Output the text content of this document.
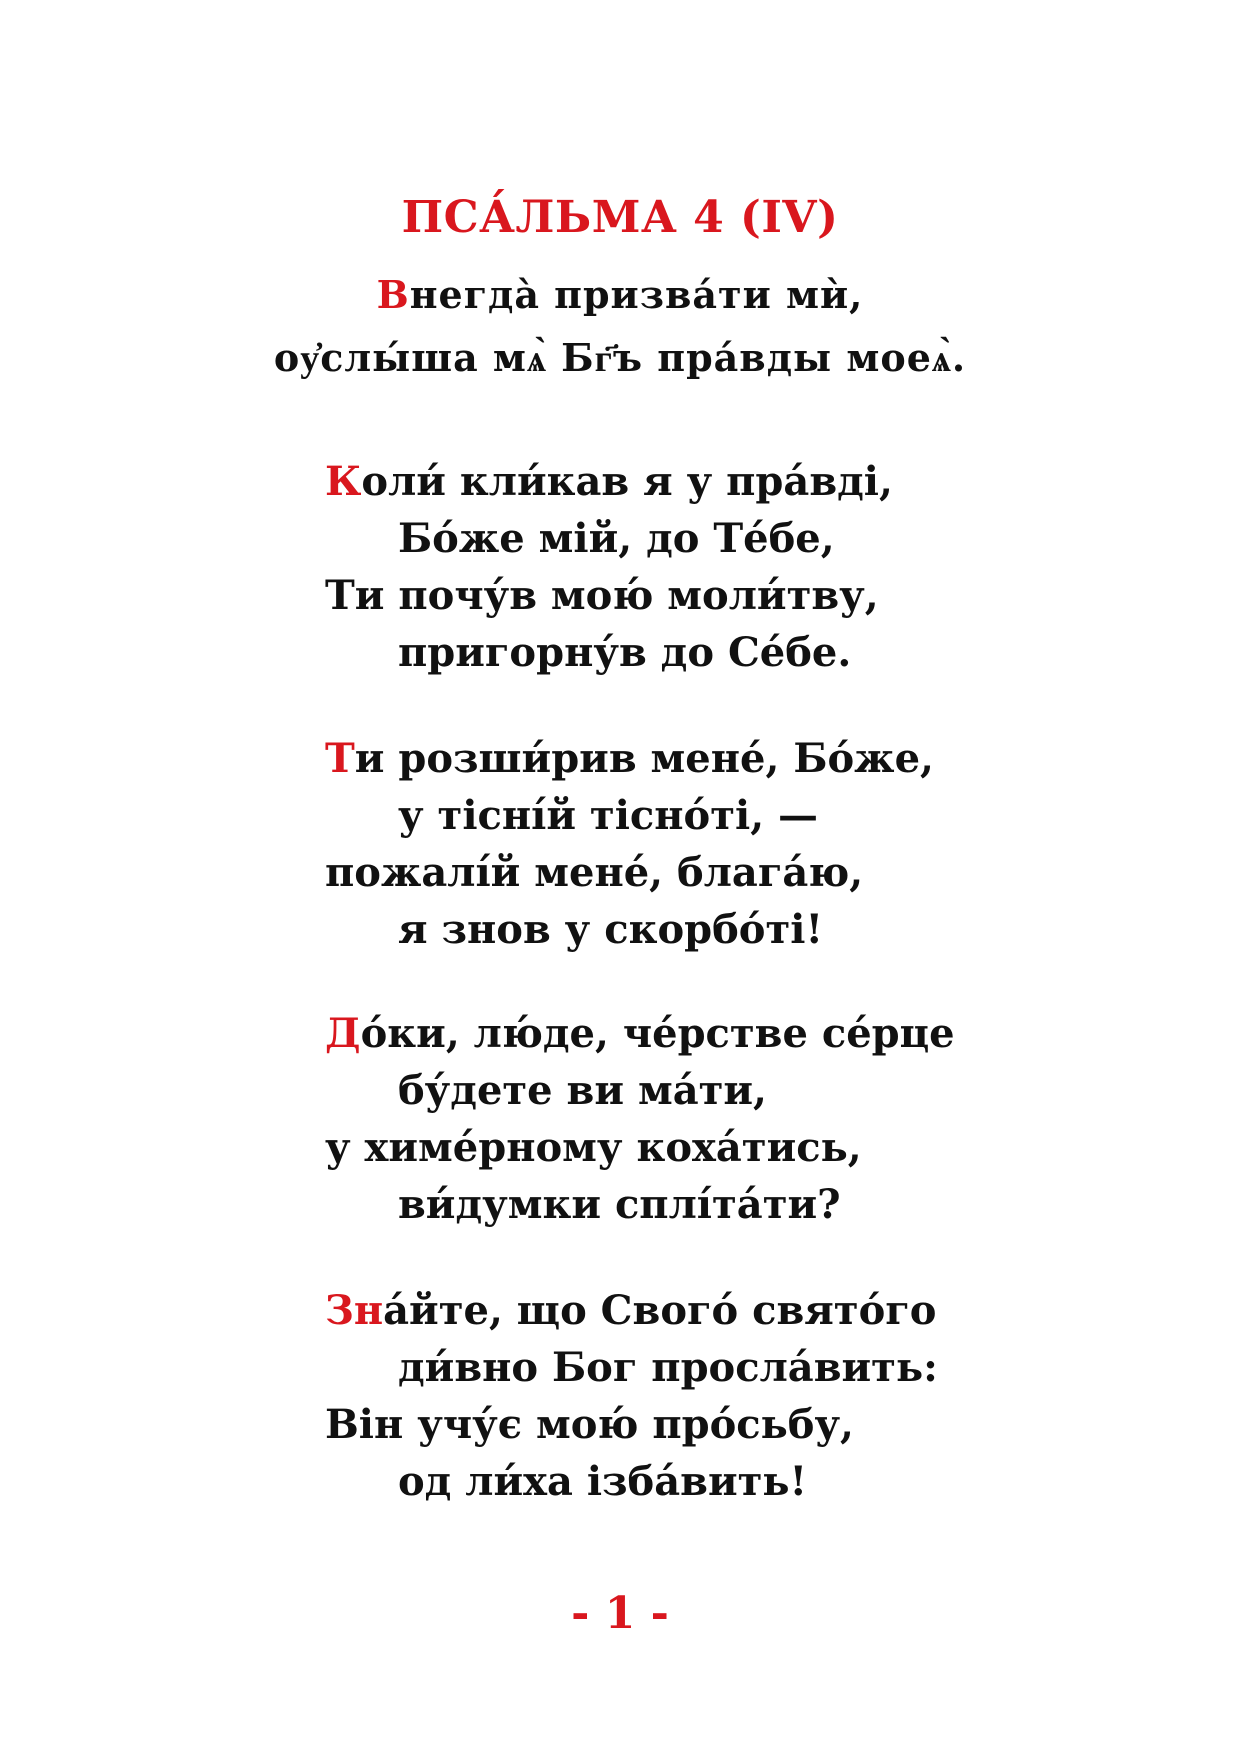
ПСА́ЛЬМА 4 (IV)
Внегда̀ призва́ти мѝ,
оу҆слы́ша мѧ̀ Бг҃ъ пра́вды моеѧ̀.
Коли́ кли́кав я у пра́вді,
Бо́же мій, до Те́бе,
Ти почу́в мою́ моли́тву,
пригорну́в до Се́бе.
Ти розши́рив мене́, Бо́же,
у тісні́й тісно́ті, —
пожалі́й мене́, блага́ю,
я знов у скорбо́ті!
До́ки, лю́де, че́рстве се́рце
бу́дете ви ма́ти,
у химе́рному коха́тись,
ви́думки сплíта́ти?
Зна́йте, що Свого́ свято́го
ди́вно Бог просла́вить:
Він учу́є мою́ про́сьбу,
од ли́ха ізба́вить!
- 1 -
